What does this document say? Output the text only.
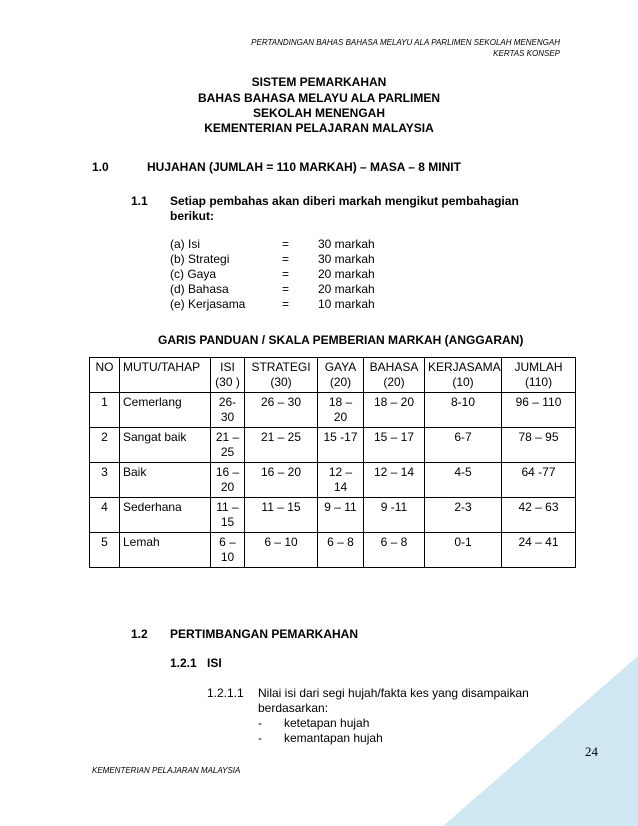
PERTANDINGAN BAHAS BAHASA MELAYU ALA PARLIMEN SEKOLAH MENENGAH
KERTAS KONSEP
SISTEM PEMARKAHAN
BAHAS BAHASA MELAYU ALA PARLIMEN
SEKOLAH MENENGAH
KEMENTERIAN PELAJARAN MALAYSIA
1.0	HUJAHAN (JUMLAH = 110 MARKAH) – MASA – 8 MINIT
1.1 Setiap pembahas akan diberi markah mengikut pembahagian
berikut:
(a) Isi	= 30 markah
(b) Strategi	= 30 markah
(c) Gaya	= 20 markah
(d) Bahasa	= 20 markah
(e) Kerjasama	= 10 markah
GARIS PANDUAN / SKALA PEMBERIAN MARKAH (ANGGARAN)
NO	MUTU/TAHAP	ISI (30 )	STRATEGI (30)	GAYA (20)	BAHASA (20)	KERJASAMA (10)	JUMLAH (110)
1	Cemerlang	26-30	26 – 30	18 – 20	18 – 20	8-10	96 – 110
2	Sangat baik	21 – 25	21 – 25	15 -17	15 – 17	6-7	78 – 95
3	Baik	16 – 20	16 – 20	12 – 14	12 – 14	4-5	64 -77
4	Sederhana	11 – 15	11 – 15	9 – 11	9 -11	2-3	42 – 63
5	Lemah	6 – 10	6 – 10	6 – 8	6 – 8	0-1	24 – 41
1.2 PERTIMBANGAN PEMARKAHAN
1.2.1 ISI
1.2.1.1 Nilai isi dari segi hujah/fakta kes yang disampaikan
berdasarkan:
- ketetapan hujah
- kemantapan hujah
24
KEMENTERIAN PELAJARAN MALAYSIA
